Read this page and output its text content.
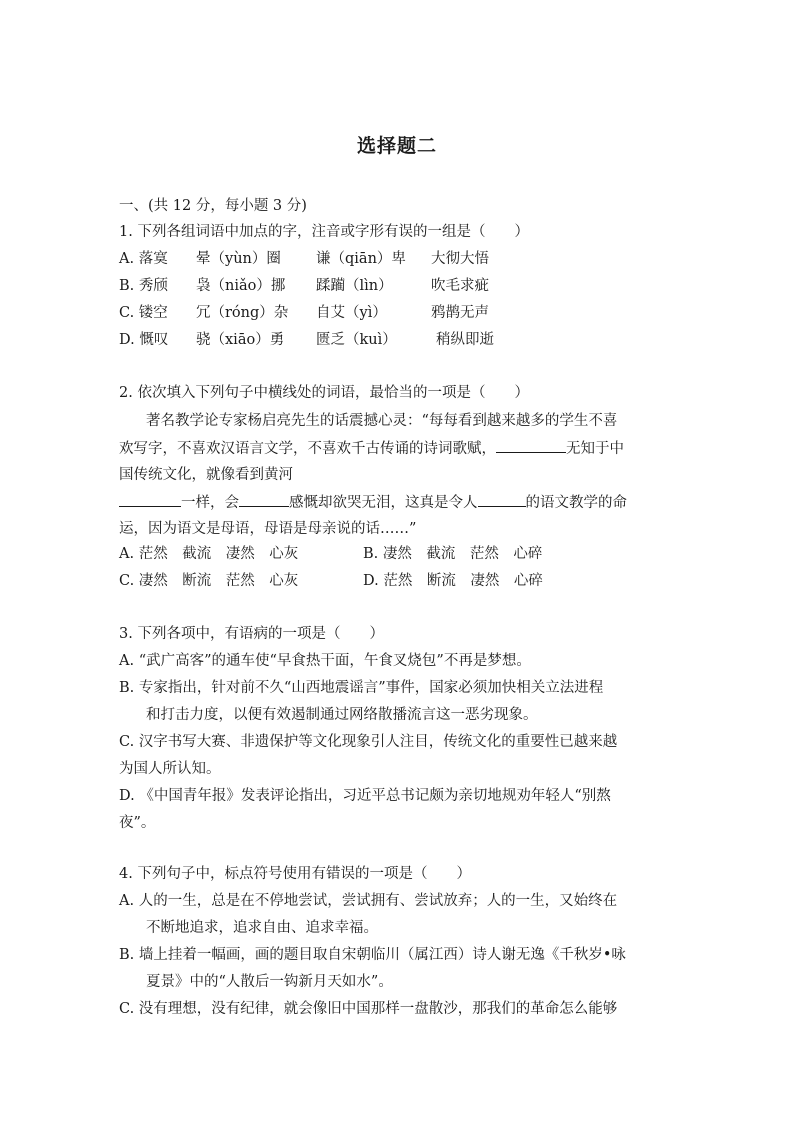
选择题二
一、(共 12 分，每小题 3 分)
1. 下列各组词语中加点的字，注音或字形有误的一组是（　　）
A. 落寞 晕（yùn）圈 谦（qiān）卑 大彻大悟
B. 秀颀 袅（niǎo）挪 蹂躏（lìn）	吹毛求疵
C. 镂空 冗（róng）杂 自艾（yì）	鸦鹊无声
D. 慨叹 骁（xiāo）勇 匮乏（kuì）	稍纵即逝
2. 依次填入下列句子中横线处的词语，最恰当的一项是（　　）
著名教学论专家杨启亮先生的话震撼心灵：“每每看到越来越多的学生不喜
欢写字，不喜欢汉语言文学，不喜欢千古传诵的诗词歌赋，	无知于中
国传统文化，就像看到黄河
一样，会	感慨却欲哭无泪，这真是令人	的语文教学的命
运，因为语文是母语，母语是母亲说的话……”
A. 茫然　截流　凄然　心灰	B. 凄然　截流　茫然　心碎
C. 凄然　断流　茫然　心灰	D. 茫然　断流　凄然　心碎
3. 下列各项中，有语病的一项是（　　）
A. “武广高客”的通车使“早食热干面，午食叉烧包”不再是梦想。
B. 专家指出，针对前不久“山西地震谣言”事件，国家必须加快相关立法进程
和打击力度，以便有效遏制通过网络散播流言这一恶劣现象。
C. 汉字书写大赛、非遗保护等文化现象引人注目，传统文化的重要性已越来越
为国人所认知。
D. 《中国青年报》发表评论指出，习近平总书记颇为亲切地规劝年轻人“别熬
夜”。
4. 下列句子中，标点符号使用有错误的一项是（　　）
A. 人的一生，总是在不停地尝试，尝试拥有、尝试放弃；人的一生，又始终在
不断地追求，追求自由、追求幸福。
B. 墙上挂着一幅画，画的题目取自宋朝临川（属江西）诗人谢无逸《千秋岁•咏
夏景》中的“人散后一钩新月天如水”。
C. 没有理想，没有纪律，就会像旧中国那样一盘散沙，那我们的革命怎么能够
